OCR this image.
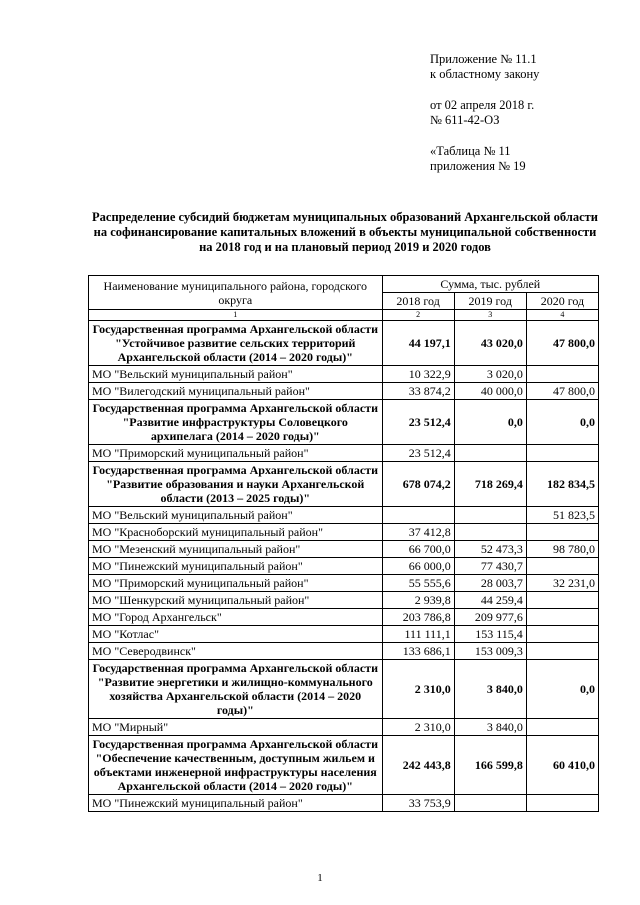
Приложение № 11.1
к областному закону
от 02 апреля 2018 г.
№ 611-42-ОЗ
«Таблица № 11
приложения № 19
Распределение субсидий бюджетам муниципальных образований Архангельской области на софинансирование капитальных вложений в объекты муниципальной собственности на 2018 год и на плановый период 2019 и 2020 годов
Наименование муниципального района, городского округа	Сумма, тыс. рублей		
	2018 год	2019 год	2020 год
1	2	3	4
Государственная программа Архангельской области "Устойчивое развитие сельских территорий Архангельской области (2014 – 2020 годы)"	44 197,1	43 020,0	47 800,0
МО "Вельский муниципальный район"	10 322,9	3 020,0	
МО "Вилегодский муниципальный район"	33 874,2	40 000,0	47 800,0
Государственная программа Архангельской области "Развитие инфраструктуры Соловецкого архипелага (2014 – 2020 годы)"	23 512,4	0,0	0,0
МО "Приморский муниципальный район"	23 512,4		
Государственная программа Архангельской области "Развитие образования и науки Архангельской области (2013 – 2025 годы)"	678 074,2	718 269,4	182 834,5
МО "Вельский муниципальный район"			51 823,5
МО "Красноборский муниципальный район"	37 412,8		
МО "Мезенский муниципальный район"	66 700,0	52 473,3	98 780,0
МО "Пинежский муниципальный район"	66 000,0	77 430,7	
МО "Приморский муниципальный район"	55 555,6	28 003,7	32 231,0
МО "Шенкурский муниципальный район"	2 939,8	44 259,4	
МО "Город Архангельск"	203 786,8	209 977,6	
МО "Котлас"	111 111,1	153 115,4	
МО "Северодвинск"	133 686,1	153 009,3	
Государственная программа Архангельской области "Развитие энергетики и жилищно-коммунального хозяйства Архангельской области (2014 – 2020 годы)"	2 310,0	3 840,0	0,0
МО "Мирный"	2 310,0	3 840,0	
Государственная программа Архангельской области "Обеспечение качественным, доступным жильем и объектами инженерной инфраструктуры населения Архангельской области (2014 – 2020 годы)"	242 443,8	166 599,8	60 410,0
МО "Пинежский муниципальный район"	33 753,9		
1
